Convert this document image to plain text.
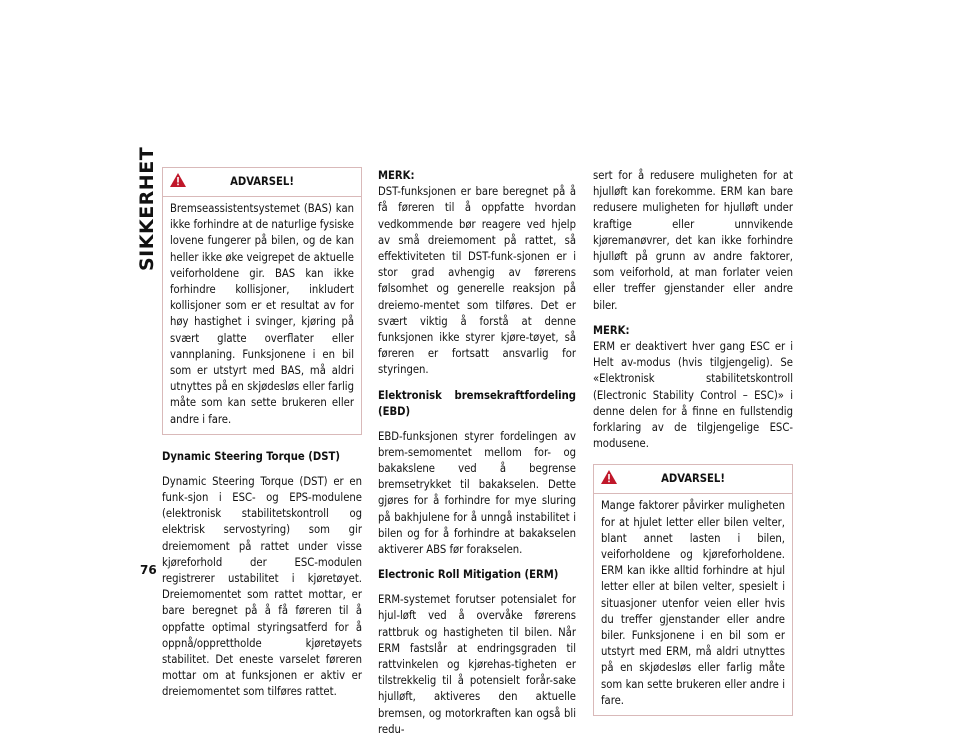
SIKKERHET
76
ADVARSEL!
Bremseassistentsystemet (BAS) kan ikke forhindre at de naturlige fysiske lovene fungerer på bilen, og de kan heller ikke øke veigrepet de aktuelle veiforholdene gir. BAS kan ikke forhindre kollisjoner, inkludert kollisjoner som er et resultat av for høy hastighet i svinger, kjøring på svært glatte overflater eller vannplaning. Funksjonene i en bil som er utstyrt med BAS, må aldri utnyttes på en skjødesløs eller farlig måte som kan sette brukeren eller andre i fare.
Dynamic Steering Torque (DST)

Dynamic Steering Torque (DST) er en funk-sjon i ESC- og EPS-modulene (elektronisk stabilitetskontroll og elektrisk servostyring) som gir dreiemoment på rattet under visse kjøreforhold der ESC-modulen registrerer ustabilitet i kjøretøyet. Dreiemomentet som rattet mottar, er bare beregnet på å få føreren til å oppfatte optimal styringsatferd for å oppnå/opprettholde kjøretøyets stabilitet. Det eneste varselet føreren mottar om at funksjonen er aktiv er dreiemomentet som tilføres rattet.

MERK:

DST-funksjonen er bare beregnet på å få føreren til å oppfatte hvordan vedkommende bør reagere ved hjelp av små dreiemoment på rattet, så effektiviteten til DST-funk-sjonen er i stor grad avhengig av førerens følsomhet og generelle reaksjon på dreiemo-mentet som tilføres. Det er svært viktig å forstå at denne funksjonen ikke styrer kjøre-tøyet, så føreren er fortsatt ansvarlig for styringen.

Elektronisk bremsekraftfordeling (EBD)

EBD-funksjonen styrer fordelingen av brem-semomentet mellom for- og bakakslene ved å begrense bremsetrykket til bakakselen. Dette gjøres for å forhindre for mye sluring på bakhjulene for å unngå instabilitet i bilen og for å forhindre at bakakselen aktiverer ABS før forakselen.

Electronic Roll Mitigation (ERM)

ERM-systemet forutser potensialet for hjul-løft ved å overvåke førerens rattbruk og hastigheten til bilen. Når ERM fastslår at endringsgraden til rattvinkelen og kjørehas-tigheten er tilstrekkelig til å potensielt forår-sake hjulløft, aktiveres den aktuelle bremsen, og motorkraften kan også bli redu-

sert for å redusere muligheten for at hjulløft kan forekomme. ERM kan bare redusere muligheten for hjulløft under kraftige eller unnvikende kjøremanøvrer, det kan ikke forhindre hjulløft på grunn av andre faktorer, som veiforhold, at man forlater veien eller treffer gjenstander eller andre biler.

MERK:

ERM er deaktivert hver gang ESC er i Helt av-modus (hvis tilgjengelig). Se «Elektronisk stabilitetskontroll (Electronic Stability Control – ESC)» i denne delen for å finne en fullstendig forklaring av de tilgjengelige ESC-modusene.

ADVARSEL!
Mange faktorer påvirker muligheten for at hjulet letter eller bilen velter, blant annet lasten i bilen, veiforholdene og kjøreforholdene. ERM kan ikke alltid forhindre at hjul letter eller at bilen velter, spesielt i situasjoner utenfor veien eller hvis du treffer gjenstander eller andre biler. Funksjonene i en bil som er utstyrt med ERM, må aldri utnyttes på en skjødesløs eller farlig måte som kan sette brukeren eller andre i fare.
